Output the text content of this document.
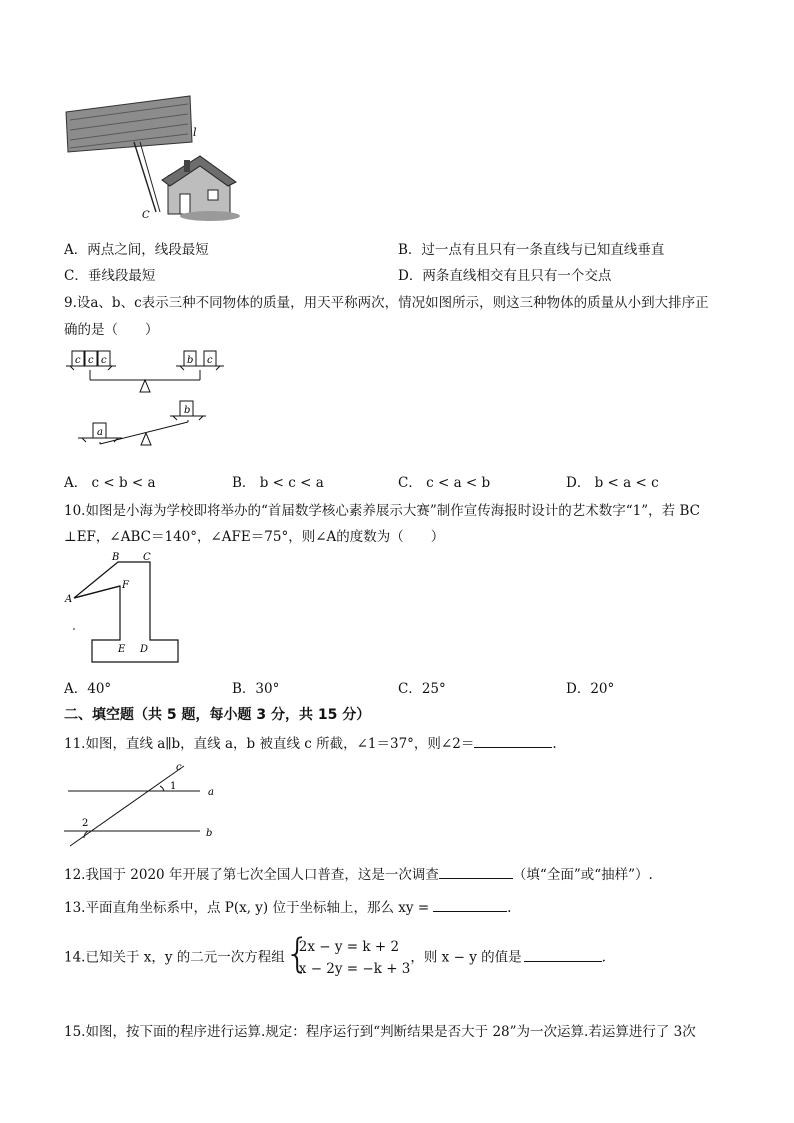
l
C
A．两点之间，线段最短	B．过一点有且只有一条直线与已知直线垂直
C．垂线段最短	D．两条直线相交有且只有一个交点
9.设a、b、c表示三种不同物体的质量，用天平称两次，情况如图所示，则这三种物体的质量从小到大排序正
确的是（　　）
c c c	b c
b
a
A． c < b < a	B． b < c < a	C． c < a < b	D． b < a < c
10.如图是小海为学校即将举办的“首届数学核心素养展示大赛”制作宣传海报时设计的艺术数字“1”，若 BC
⊥EF，∠ABC＝140°，∠AFE＝75°，则∠A的度数为（　　）
A
B C
F
E D
A．40°	B．30°	C．25°	D．20°
二、填空题（共 5 题，每小题 3 分，共 15 分）
11.如图，直线 a∥b，直线 a，b 被直线 c 所截，∠1＝37°，则∠2＝	.
c
a
b
1
2
12.我国于 2020 年开展了第七次全国人口普查，这是一次调查	（填“全面”或“抽样”）.
13.平面直角坐标系中，点 P(x, y) 位于坐标轴上，那么 xy =	.
14.已知关于 x，y 的二元一次方程组
{ 2x − y = k + 2
x − 2y = −k + 3
，则 x − y 的值是	.
15.如图，按下面的程序进行运算.规定：程序运行到“判断结果是否大于 28”为一次运算.若运算进行了 3次
